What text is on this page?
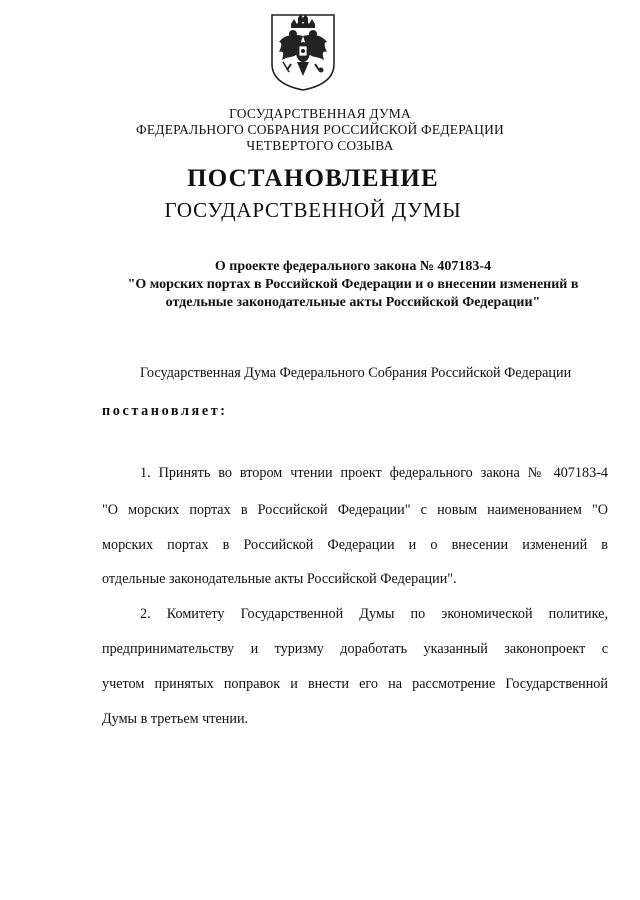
ГОСУДАРСТВЕННАЯ ДУМА
ФЕДЕРАЛЬНОГО СОБРАНИЯ РОССИЙСКОЙ ФЕДЕРАЦИИ
ЧЕТВЕРТОГО СОЗЫВА
ПОСТАНОВЛЕНИЕ
ГОСУДАРСТВЕННОЙ ДУМЫ
О проекте федерального закона № 407183-4
"О морских портах в Российской Федерации и о внесении изменений в
отдельные законодательные акты Российской Федерации"
Государственная Дума Федерального Собрания Российской Федерации
постановляет:
1. Принять во втором чтении проект федерального закона № 407183-4
"О морских портах в Российской Федерации" с новым наименованием "О
морских портах в Российской Федерации и о внесении изменений в
отдельные законодательные акты Российской Федерации".
2. Комитету Государственной Думы по экономической политике,
предпринимательству и туризму доработать указанный законопроект с
учетом принятых поправок и внести его на рассмотрение Государственной
Думы в третьем чтении.
